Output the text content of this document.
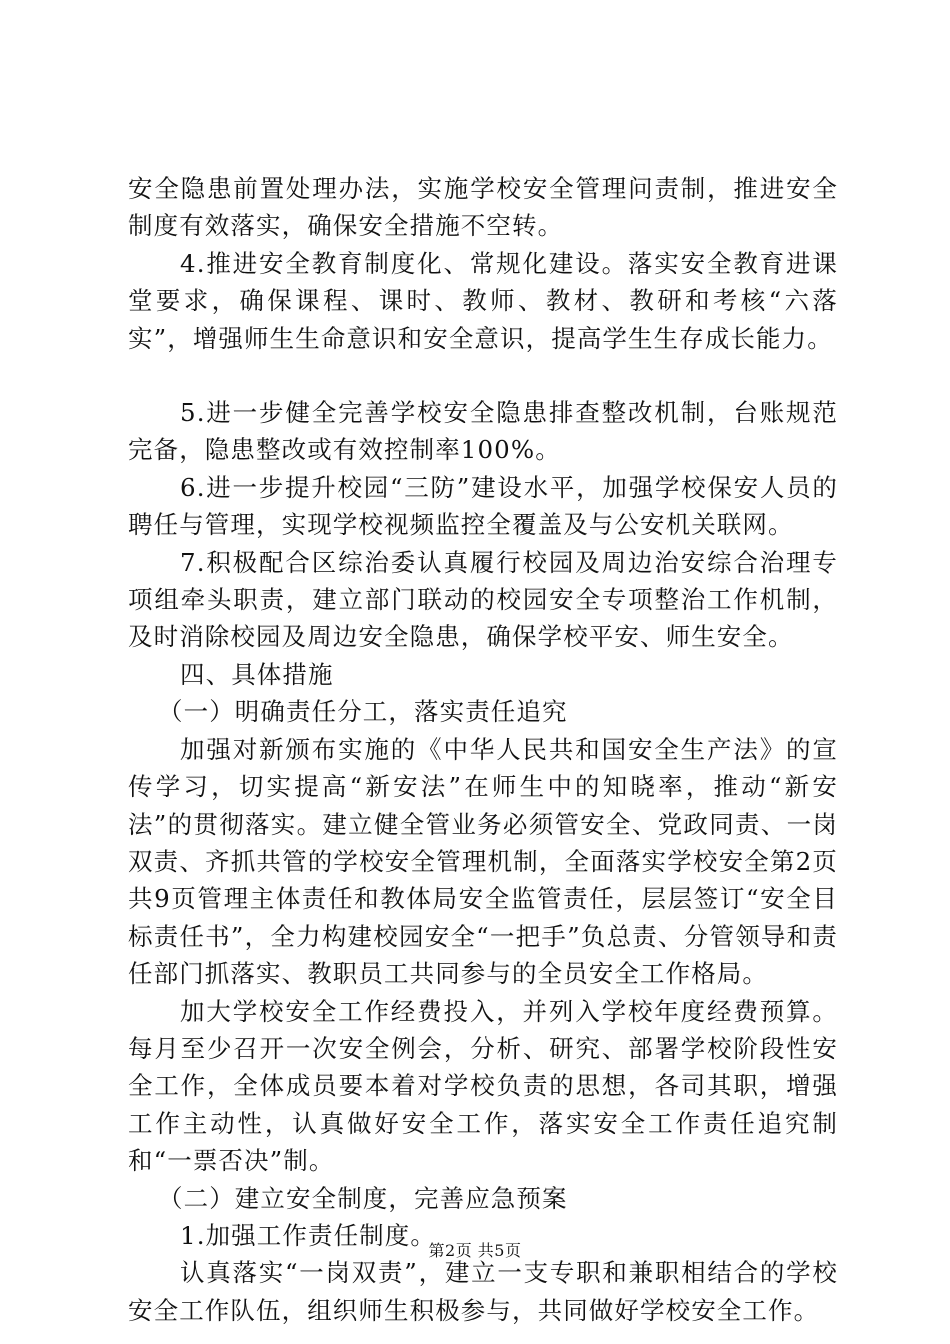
安全隐患前置处理办法，实施学校安全管理问责制，推进安全制度有效落实，确保安全措施不空转。

4.推进安全教育制度化、常规化建设。落实安全教育进课堂要求，确保课程、课时、教师、教材、教研和考核“六落实”，增强师生生命意识和安全意识，提高学生生存成长能力。

5.进一步健全完善学校安全隐患排查整改机制，台账规范完备，隐患整改或有效控制率100%。

6.进一步提升校园“三防”建设水平，加强学校保安人员的聘任与管理，实现学校视频监控全覆盖及与公安机关联网。

7.积极配合区综治委认真履行校园及周边治安综合治理专项组牵头职责，建立部门联动的校园安全专项整治工作机制，及时消除校园及周边安全隐患，确保学校平安、师生安全。

四、具体措施

（一）明确责任分工，落实责任追究

加强对新颁布实施的《中华人民共和国安全生产法》的宣传学习，切实提高“新安法”在师生中的知晓率，推动“新安法”的贯彻落实。建立健全管业务必须管安全、党政同责、一岗双责、齐抓共管的学校安全管理机制，全面落实学校安全第2页共9页管理主体责任和教体局安全监管责任，层层签订“安全目标责任书”，全力构建校园安全“一把手”负总责、分管领导和责任部门抓落实、教职员工共同参与的全员安全工作格局。

加大学校安全工作经费投入，并列入学校年度经费预算。每月至少召开一次安全例会，分析、研究、部署学校阶段性安全工作，全体成员要本着对学校负责的思想，各司其职，增强工作主动性，认真做好安全工作，落实安全工作责任追究制和“一票否决”制。

（二）建立安全制度，完善应急预案

1.加强工作责任制度。

认真落实“一岗双责”，建立一支专职和兼职相结合的学校安全工作队伍，组织师生积极参与，共同做好学校安全工作。

第2页 共5页
